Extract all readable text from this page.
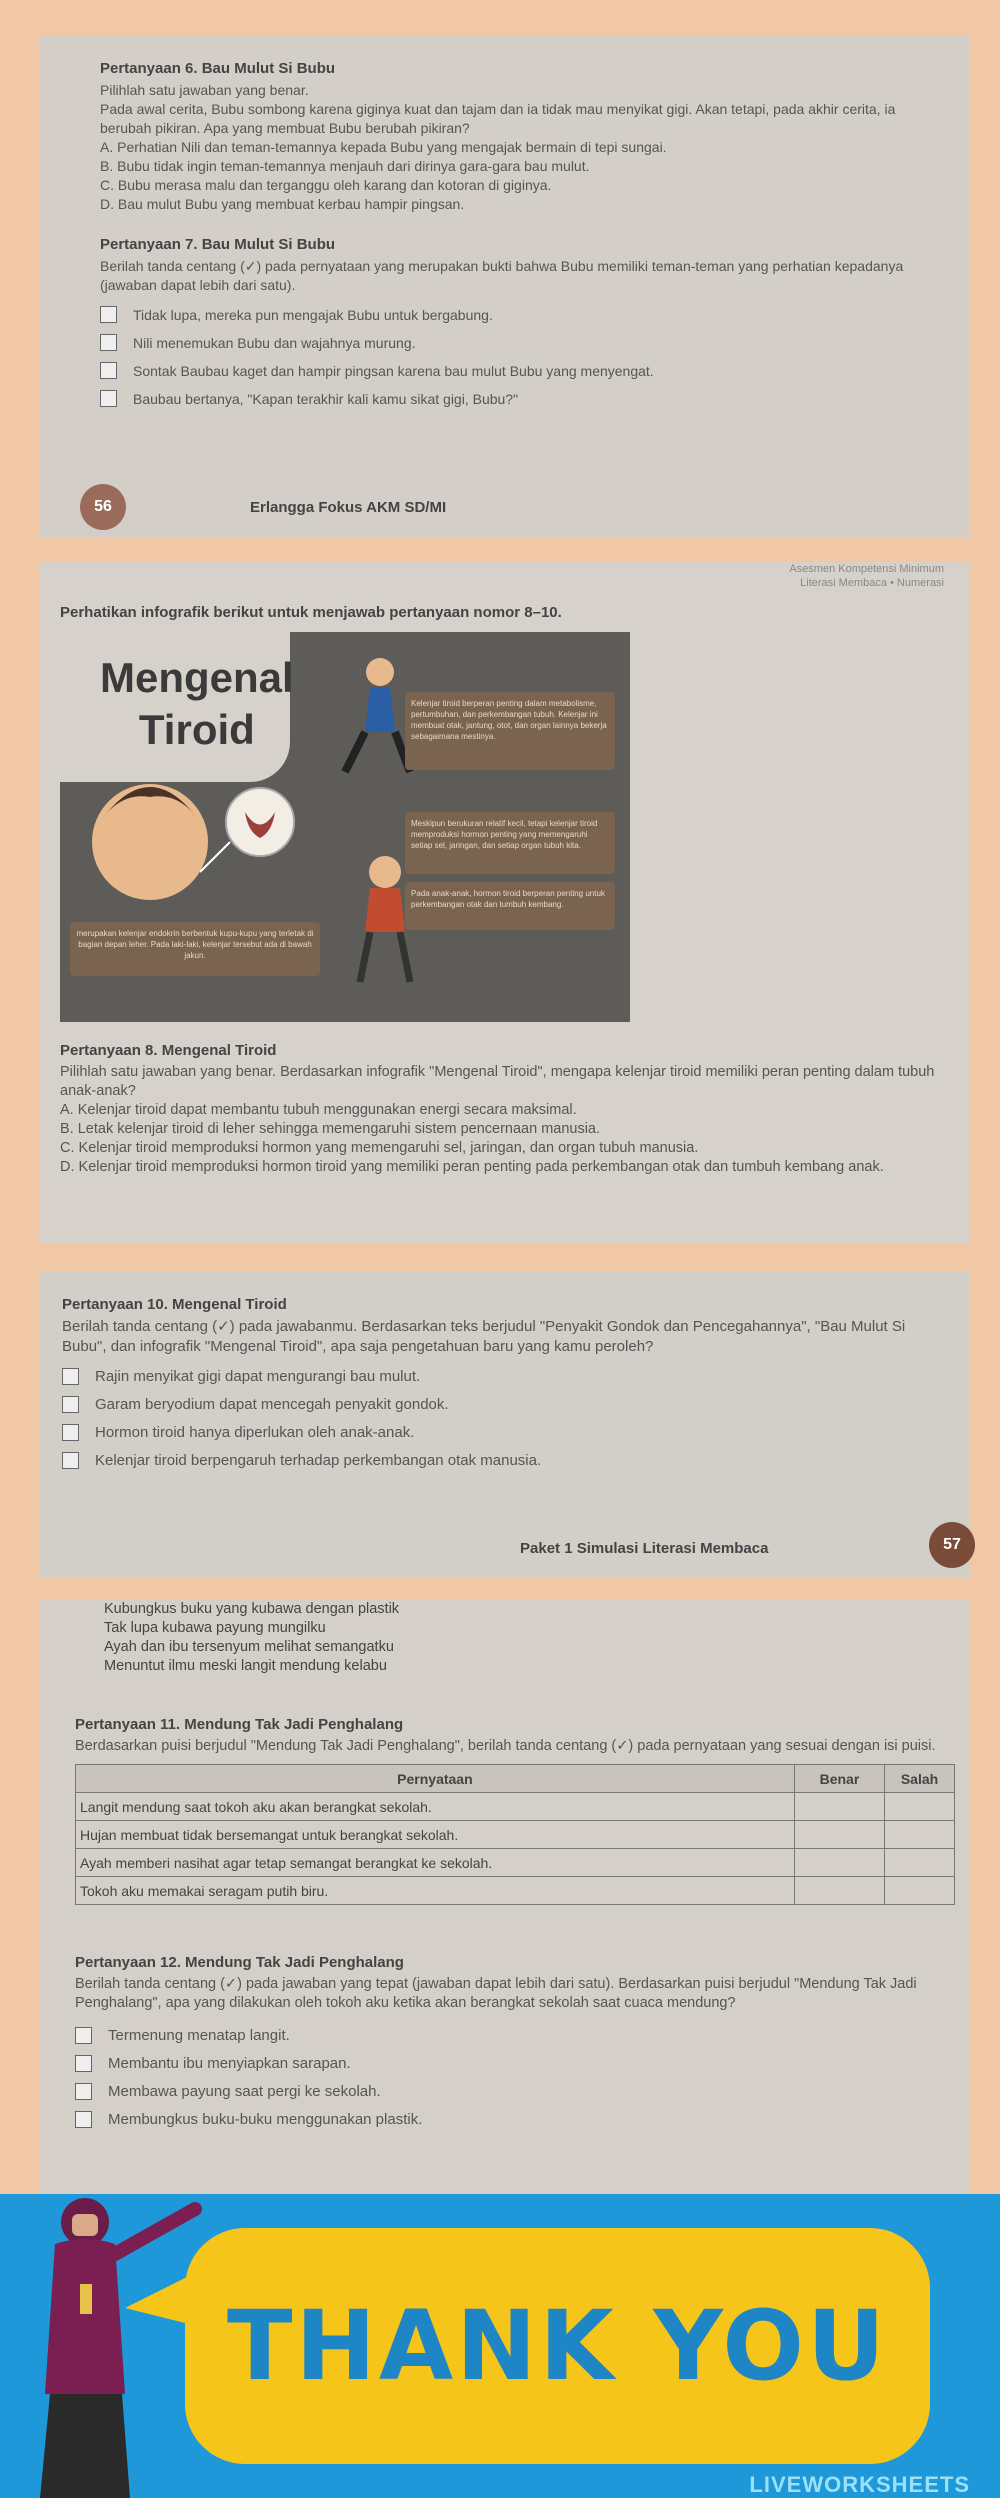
Pertanyaan 6. Bau Mulut Si Bubu
Pilihlah satu jawaban yang benar.
Pada awal cerita, Bubu sombong karena giginya kuat dan tajam dan ia tidak mau menyikat gigi. Akan tetapi, pada akhir cerita, ia berubah pikiran. Apa yang membuat Bubu berubah pikiran?
A. Perhatian Nili dan teman-temannya kepada Bubu yang mengajak bermain di tepi sungai.
B. Bubu tidak ingin teman-temannya menjauh dari dirinya gara-gara bau mulut.
C. Bubu merasa malu dan terganggu oleh karang dan kotoran di giginya.
D. Bau mulut Bubu yang membuat kerbau hampir pingsan.
Pertanyaan 7. Bau Mulut Si Bubu
Berilah tanda centang (✓) pada pernyataan yang merupakan bukti bahwa Bubu memiliki teman-teman yang perhatian kepadanya (jawaban dapat lebih dari satu).
Tidak lupa, mereka pun mengajak Bubu untuk bergabung.
Nili menemukan Bubu dan wajahnya murung.
Sontak Baubau kaget dan hampir pingsan karena bau mulut Bubu yang menyengat.
Baubau bertanya, "Kapan terakhir kali kamu sikat gigi, Bubu?"
56	Erlangga Fokus AKM SD/MI
Asesmen Kompetensi Minimum
Literasi Membaca • Numerasi
Perhatikan infografik berikut untuk menjawab pertanyaan nomor 8–10.
Mengenal
Tiroid
Kelenjar tiroid berperan penting dalam metabolisme, pertumbuhan, dan perkembangan tubuh. Kelenjar ini membuat otak, jantung, otot, dan organ lainnya bekerja sebagaimana mestinya.
Meskipun berukuran relatif kecil, tetapi kelenjar tiroid memproduksi hormon penting yang memengaruhi setiap sel, jaringan, dan setiap organ tubuh kita.
Pada anak-anak, hormon tiroid berperan penting untuk perkembangan otak dan tumbuh kembang.
merupakan kelenjar endokrin berbentuk kupu-kupu yang terletak di bagian depan leher. Pada laki-laki, kelenjar tersebut ada di bawah jakun.
Pertanyaan 8. Mengenal Tiroid
Pilihlah satu jawaban yang benar. Berdasarkan infografik "Mengenal Tiroid", mengapa kelenjar tiroid memiliki peran penting dalam tubuh anak-anak?
A. Kelenjar tiroid dapat membantu tubuh menggunakan energi secara maksimal.
B. Letak kelenjar tiroid di leher sehingga memengaruhi sistem pencernaan manusia.
C. Kelenjar tiroid memproduksi hormon yang memengaruhi sel, jaringan, dan organ tubuh manusia.
D. Kelenjar tiroid memproduksi hormon tiroid yang memiliki peran penting pada perkembangan otak dan tumbuh kembang anak.
Pertanyaan 10. Mengenal Tiroid
Berilah tanda centang (✓) pada jawabanmu. Berdasarkan teks berjudul "Penyakit Gondok dan Pencegahannya", "Bau Mulut Si Bubu", dan infografik "Mengenal Tiroid", apa saja pengetahuan baru yang kamu peroleh?
Rajin menyikat gigi dapat mengurangi bau mulut.
Garam beryodium dapat mencegah penyakit gondok.
Hormon tiroid hanya diperlukan oleh anak-anak.
Kelenjar tiroid berpengaruh terhadap perkembangan otak manusia.
Paket 1 Simulasi Literasi Membaca	57
Kubungkus buku yang kubawa dengan plastik
Tak lupa kubawa payung mungilku
Ayah dan ibu tersenyum melihat semangatku
Menuntut ilmu meski langit mendung kelabu
Pertanyaan 11. Mendung Tak Jadi Penghalang
Berdasarkan puisi berjudul "Mendung Tak Jadi Penghalang", berilah tanda centang (✓) pada pernyataan yang sesuai dengan isi puisi.
Pernyataan	Benar	Salah
Langit mendung saat tokoh aku akan berangkat sekolah.		
Hujan membuat tidak bersemangat untuk berangkat sekolah.		
Ayah memberi nasihat agar tetap semangat berangkat ke sekolah.		
Tokoh aku memakai seragam putih biru.		
Pertanyaan 12. Mendung Tak Jadi Penghalang
Berilah tanda centang (✓) pada jawaban yang tepat (jawaban dapat lebih dari satu). Berdasarkan puisi berjudul "Mendung Tak Jadi Penghalang", apa yang dilakukan oleh tokoh aku ketika akan berangkat sekolah saat cuaca mendung?
Termenung menatap langit.
Membantu ibu menyiapkan sarapan.
Membawa payung saat pergi ke sekolah.
Membungkus buku-buku menggunakan plastik.
THANK YOU
LIVEWORKSHEETS
